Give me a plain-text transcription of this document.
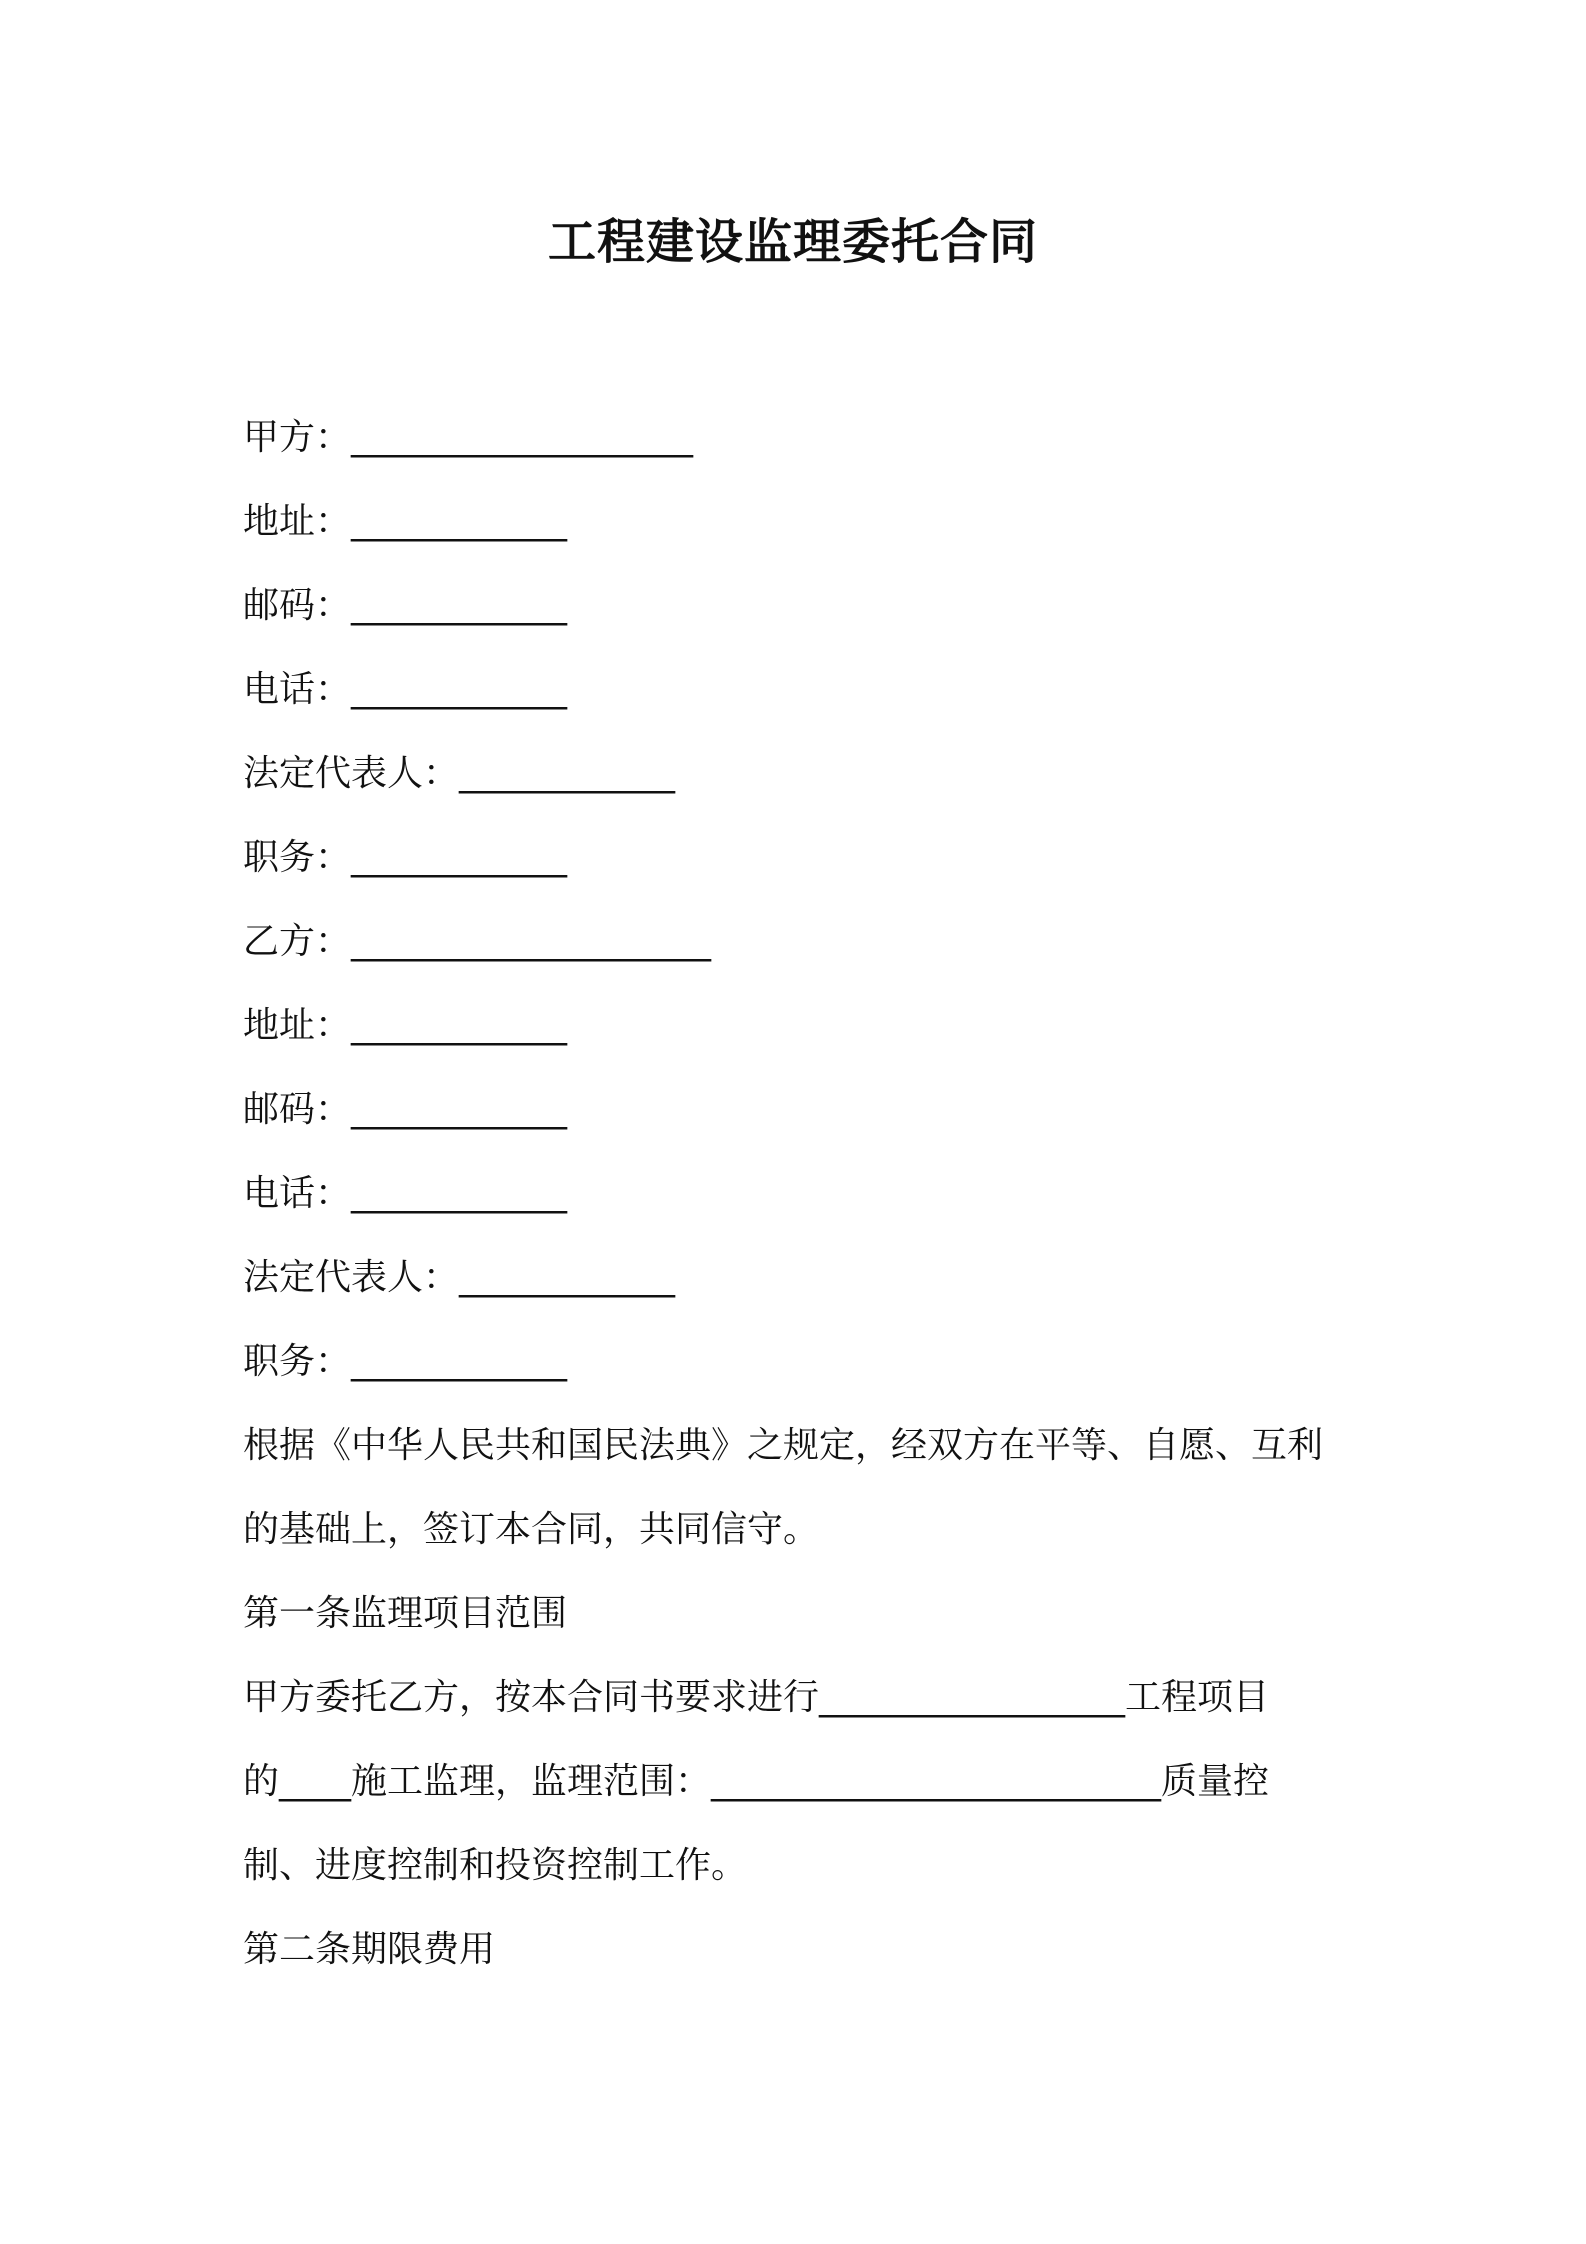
工程建设监理委托合同
甲方：___________________
地址：____________
邮码：____________
电话：____________
法定代表人：____________
职务：____________
乙方：____________________
地址：____________
邮码：____________
电话：____________
法定代表人：____________
职务：____________
根据《中华人民共和国民法典》之规定，经双方在平等、自愿、互利
的基础上，签订本合同，共同信守。
第一条监理项目范围
甲方委托乙方，按本合同书要求进行_________________工程项目
的____施工监理，监理范围：_________________________质量控
制、进度控制和投资控制工作。
第二条期限费用
